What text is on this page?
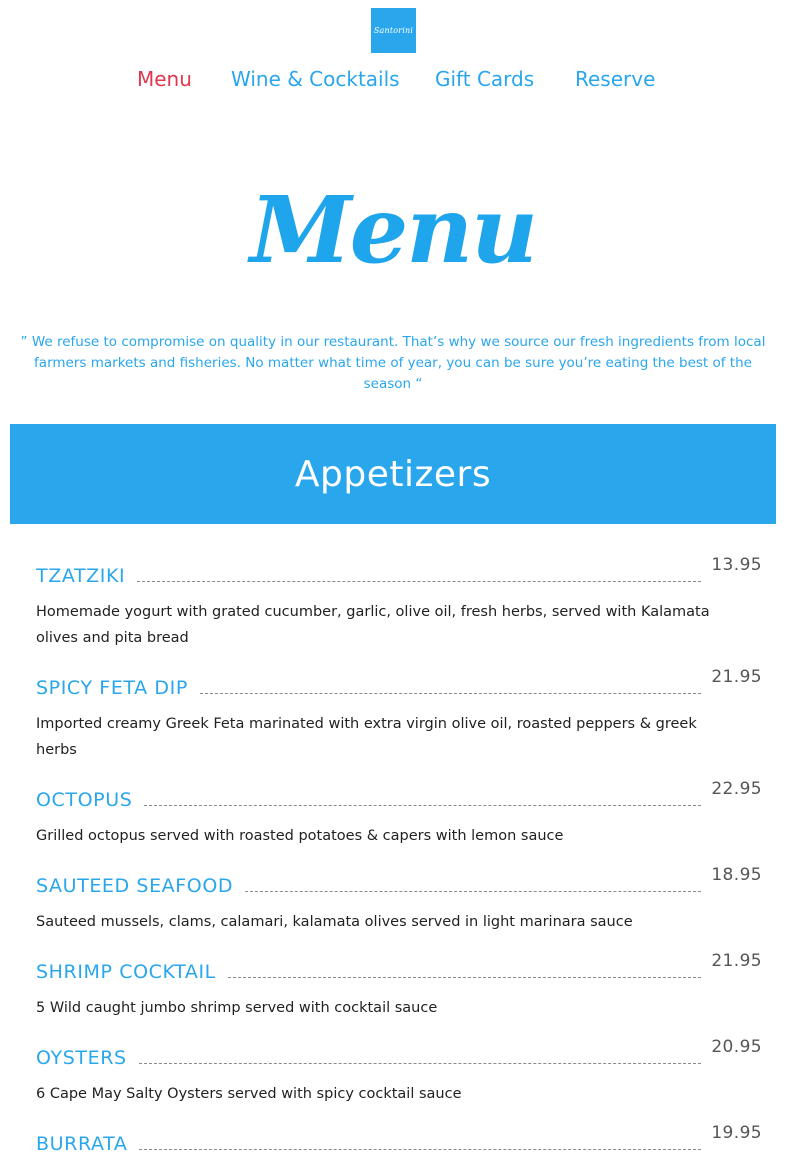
Santorini
Menu Wine & Cocktails Gift Cards Reserve
Menu

” We refuse to compromise on quality in our restaurant. That’s why we source our fresh ingredients from local farmers markets and fisheries. No matter what time of year, you can be sure you’re eating the best of the season “

Appetizers
TZATZIKI	13.95
Homemade yogurt with grated cucumber, garlic, olive oil, fresh herbs, served with Kalamata olives and pita bread
SPICY FETA DIP	21.95
Imported creamy Greek Feta marinated with extra virgin olive oil, roasted peppers & greek herbs
OCTOPUS	22.95
Grilled octopus served with roasted potatoes & capers with lemon sauce
SAUTEED SEAFOOD	18.95
Sauteed mussels, clams, calamari, kalamata olives served in light marinara sauce
SHRIMP COCKTAIL	21.95
5 Wild caught jumbo shrimp served with cocktail sauce
OYSTERS	20.95
6 Cape May Salty Oysters served with spicy cocktail sauce
BURRATA	19.95
